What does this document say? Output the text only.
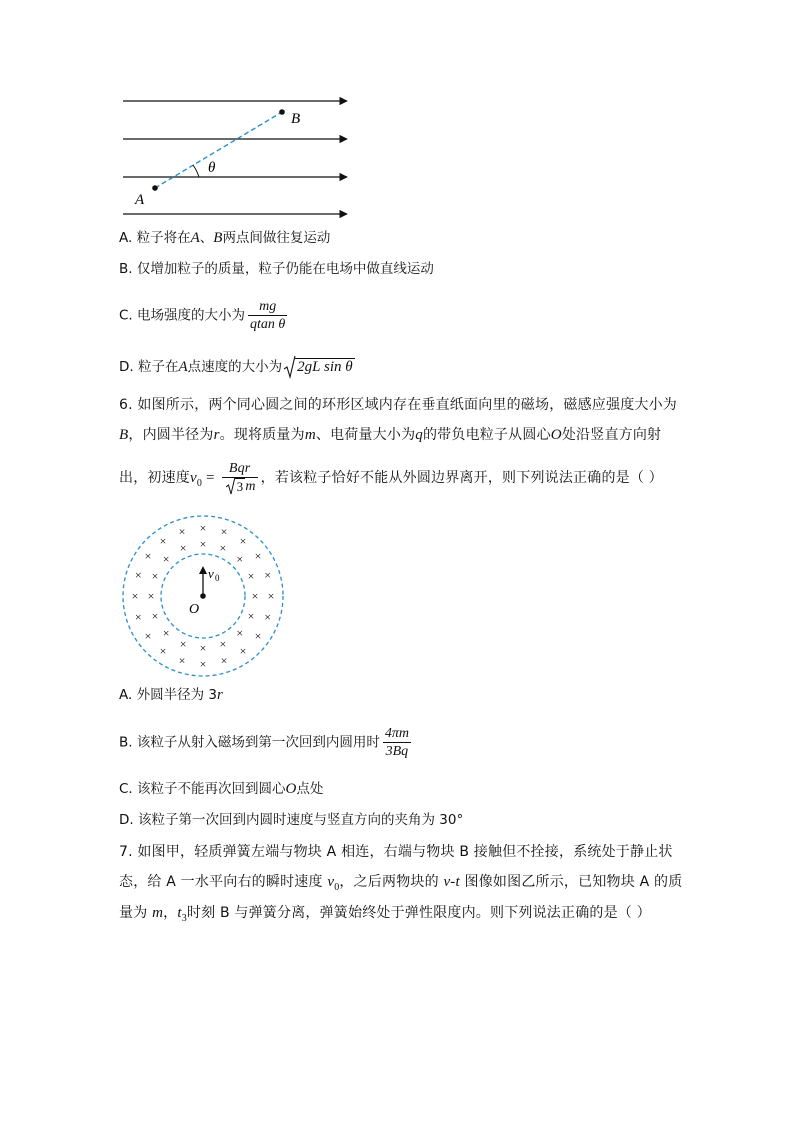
B
A
θ
A. 粒子将在A、B两点间做往复运动
B. 仅增加粒子的质量，粒子仍能在电场中做直线运动
C. 电场强度的大小为 $\frac{mg}{\text{qtan θ}}$
D. 粒子在A点速度的大小为 2gL sin θ
6. 如图所示，两个同心圆之间的环形区域内存在垂直纸面向里的磁场，磁感应强度大小为
B，内圆半径为r。现将质量为m、电荷量大小为q的带负电粒子从圆心O处沿竖直方向射
出，初速度$v_0 = \frac{\text{Bqr}}{3 m}$ ，若该粒子恰好不能从外圆边界离开，则下列说法正确的是（ ）
×
×
×
×
×
×
×
×
×
×
×
× × ×
×
×
×
×
×
×
×
×
×
×
×
×
×
× × ×
×
×
×
×
×
×
v 0
O
A. 外圆半径为 3r
B. 该粒子从射入磁场到第一次回到内圆用时 $\frac{4\pi m}{3Bq}$
C. 该粒子不能再次回到圆心O点处
D. 该粒子第一次回到内圆时速度与竖直方向的夹角为 30°
7. 如图甲，轻质弹簧左端与物块 A 相连，右端与物块 B 接触但不拴接，系统处于静止状
态，给 A 一水平向右的瞬时速度 $v_0$，之后两物块的 v-t 图像如图乙所示，已知物块 A 的质
量为 m，$t_3$时刻 B 与弹簧分离，弹簧始终处于弹性限度内。则下列说法正确的是（ ）
